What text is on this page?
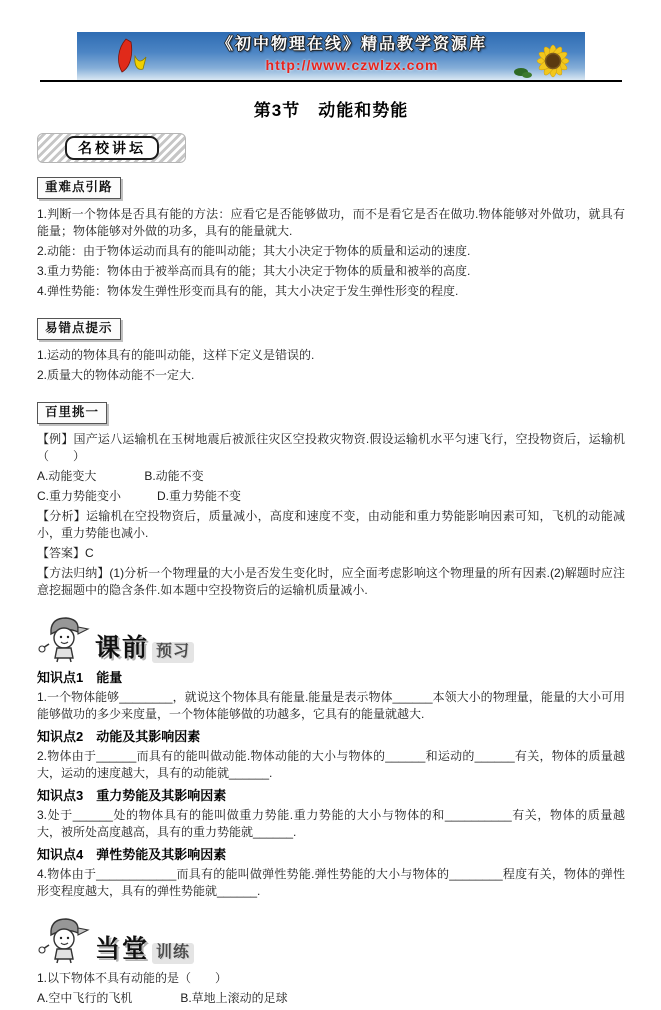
《初中物理在线》精品教学资源库
http://www.czwlzx.com
第3节　动能和势能
名校讲坛
重难点引路
1.判断一个物体是否具有能的方法：应看它是否能够做功，而不是看它是否在做功.物体能够对外做功，就具有能量；物体能够对外做的功多，具有的能量就大.
2.动能：由于物体运动而具有的能叫动能；其大小决定于物体的质量和运动的速度.
3.重力势能：物体由于被举高而具有的能；其大小决定于物体的质量和被举的高度.
4.弹性势能：物体发生弹性形变而具有的能，其大小决定于发生弹性形变的程度.
易错点提示
1.运动的物体具有的能叫动能，这样下定义是错误的.
2.质量大的物体动能不一定大.
百里挑一
【例】国产运八运输机在玉树地震后被派往灾区空投救灾物资.假设运输机水平匀速飞行，空投物资后，运输机（　　）
A.动能变大　　　　B.动能不变
C.重力势能变小　　　D.重力势能不变
【分析】运输机在空投物资后，质量减小，高度和速度不变，由动能和重力势能影响因素可知，飞机的动能减小，重力势能也减小.
【答案】C
【方法归纳】(1)分析一个物理量的大小是否发生变化时，应全面考虑影响这个物理量的所有因素.(2)解题时应注意挖掘题中的隐含条件.如本题中空投物资后的运输机质量减小.
课前 预习
知识点1　能量
1.一个物体能够________，就说这个物体具有能量.能量是表示物体______本领大小的物理量，能量的大小可用能够做功的多少来度量，一个物体能够做的功越多，它具有的能量就越大.
知识点2　动能及其影响因素
2.物体由于______而具有的能叫做动能.物体动能的大小与物体的______和运动的______有关，物体的质量越大，运动的速度越大，具有的动能就______.
知识点3　重力势能及其影响因素
3.处于______处的物体具有的能叫做重力势能.重力势能的大小与物体的和__________有关，物体的质量越大，被所处高度越高，具有的重力势能就______.
知识点4　弹性势能及其影响因素
4.物体由于____________而具有的能叫做弹性势能.弹性势能的大小与物体的________程度有关，物体的弹性形变程度越大，具有的弹性势能就______.
当堂 训练
1.以下物体不具有动能的是（　　）
A.空中飞行的飞机　　　　B.草地上滚动的足球
